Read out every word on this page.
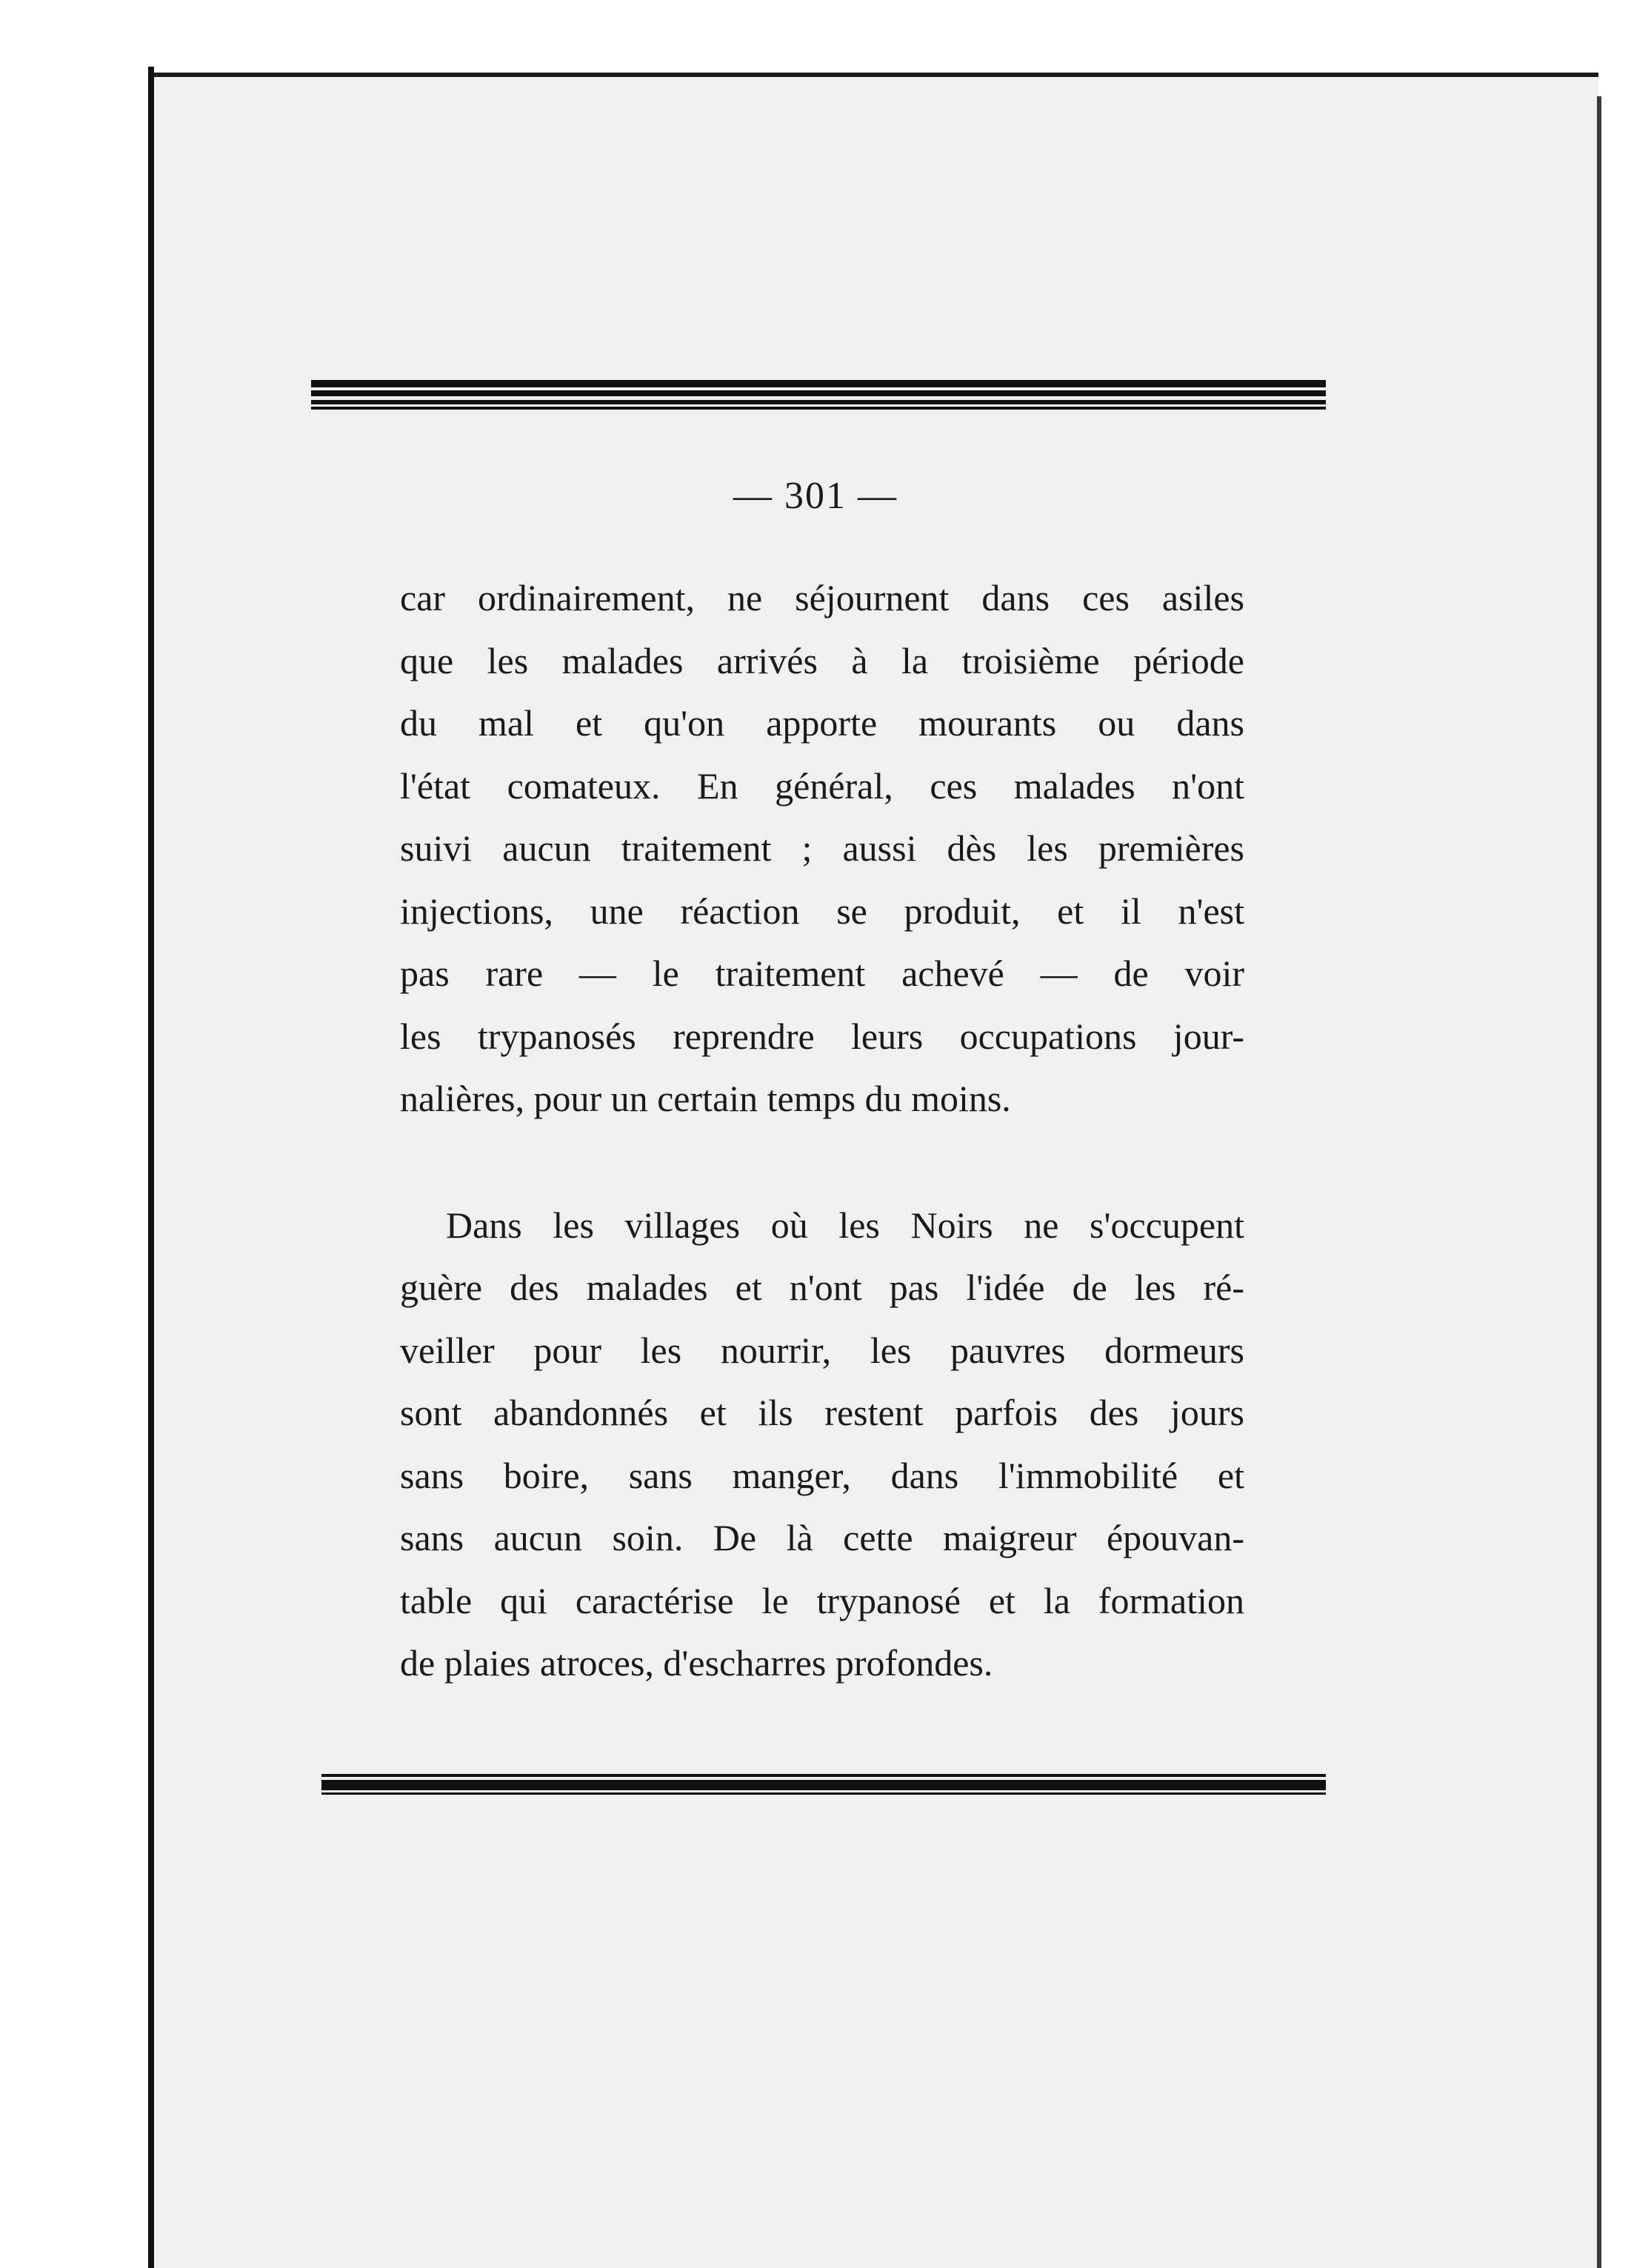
— 301 —
car ordinairement, ne séjournent dans ces asiles
que les malades arrivés à la troisième période
du mal et qu'on apporte mourants ou dans
l'état comateux. En général, ces malades n'ont
suivi aucun traitement ; aussi dès les premières
injections, une réaction se produit, et il n'est
pas rare — le traitement achevé — de voir
les trypanosés reprendre leurs occupations jour-
nalières, pour un certain temps du moins.
Dans les villages où les Noirs ne s'occupent
guère des malades et n'ont pas l'idée de les ré-
veiller pour les nourrir, les pauvres dormeurs
sont abandonnés et ils restent parfois des jours
sans boire, sans manger, dans l'immobilité et
sans aucun soin. De là cette maigreur épouvan-
table qui caractérise le trypanosé et la formation
de plaies atroces, d'escharres profondes.
